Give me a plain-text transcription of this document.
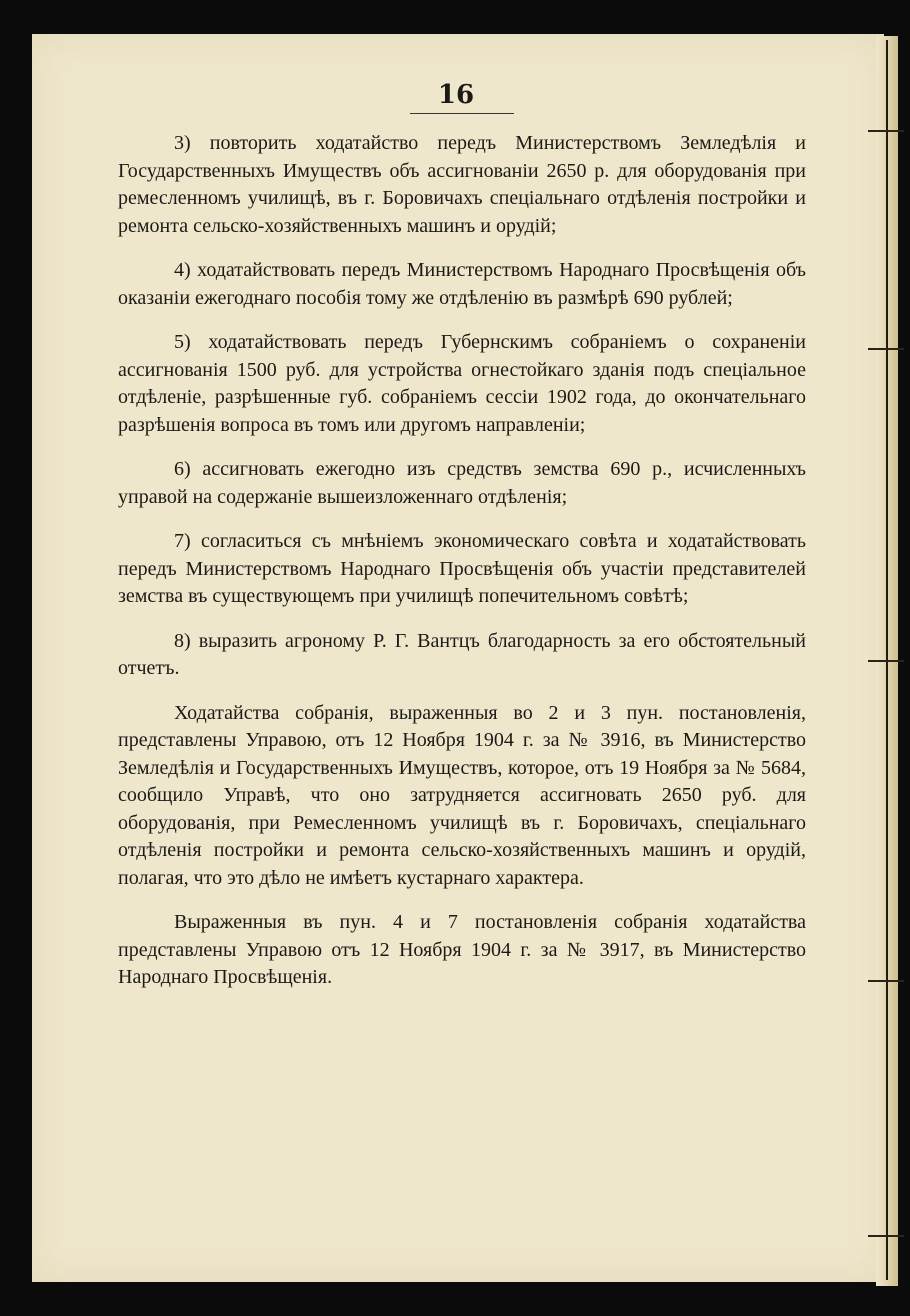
16

3) повторить ходатайство передъ Министерствомъ Земледѣлія и Государственныхъ Имуществъ объ ассигнованіи 2650 р. для оборудованія при ремесленномъ училищѣ, въ г. Боровичахъ спеціальнаго отдѣленія постройки и ремонта сельско-хозяйственныхъ машинъ и орудій;

4) ходатайствовать передъ Министерствомъ Народнаго Просвѣщенія объ оказаніи ежегоднаго пособія тому же отдѣленію въ размѣрѣ 690 рублей;

5) ходатайствовать передъ Губернскимъ собраніемъ о сохраненіи ассигнованія 1500 руб. для устройства огнестойкаго зданія подъ спеціальное отдѣленіе, разрѣшенные губ. собраніемъ сессіи 1902 года, до окончательнаго разрѣшенія вопроса въ томъ или другомъ направленіи;

6) ассигновать ежегодно изъ средствъ земства 690 р., исчисленныхъ управой на содержаніе вышеизложеннаго отдѣленія;

7) согласиться съ мнѣніемъ экономическаго совѣта и ходатайствовать передъ Министерствомъ Народнаго Просвѣщенія объ участіи представителей земства въ существующемъ при училищѣ попечительномъ совѣтѣ;

8) выразить агроному Р. Г. Вантцъ благодарность за его обстоятельный отчетъ.

Ходатайства собранія, выраженныя во 2 и 3 пун. постановленія, представлены Управою, отъ 12 Ноября 1904 г. за № 3916, въ Министерство Земледѣлія и Государственныхъ Имуществъ, которое, отъ 19 Ноября за № 5684, сообщило Управѣ, что оно затрудняется ассигновать 2650 руб. для оборудованія, при Ремесленномъ училищѣ въ г. Боровичахъ, спеціальнаго отдѣленія постройки и ремонта сельско-хозяйственныхъ машинъ и орудій, полагая, что это дѣло не имѣетъ кустарнаго характера.

Выраженныя въ пун. 4 и 7 постановленія собранія ходатайства представлены Управою отъ 12 Ноября 1904 г. за № 3917, въ Министерство Народнаго Просвѣщенія.
